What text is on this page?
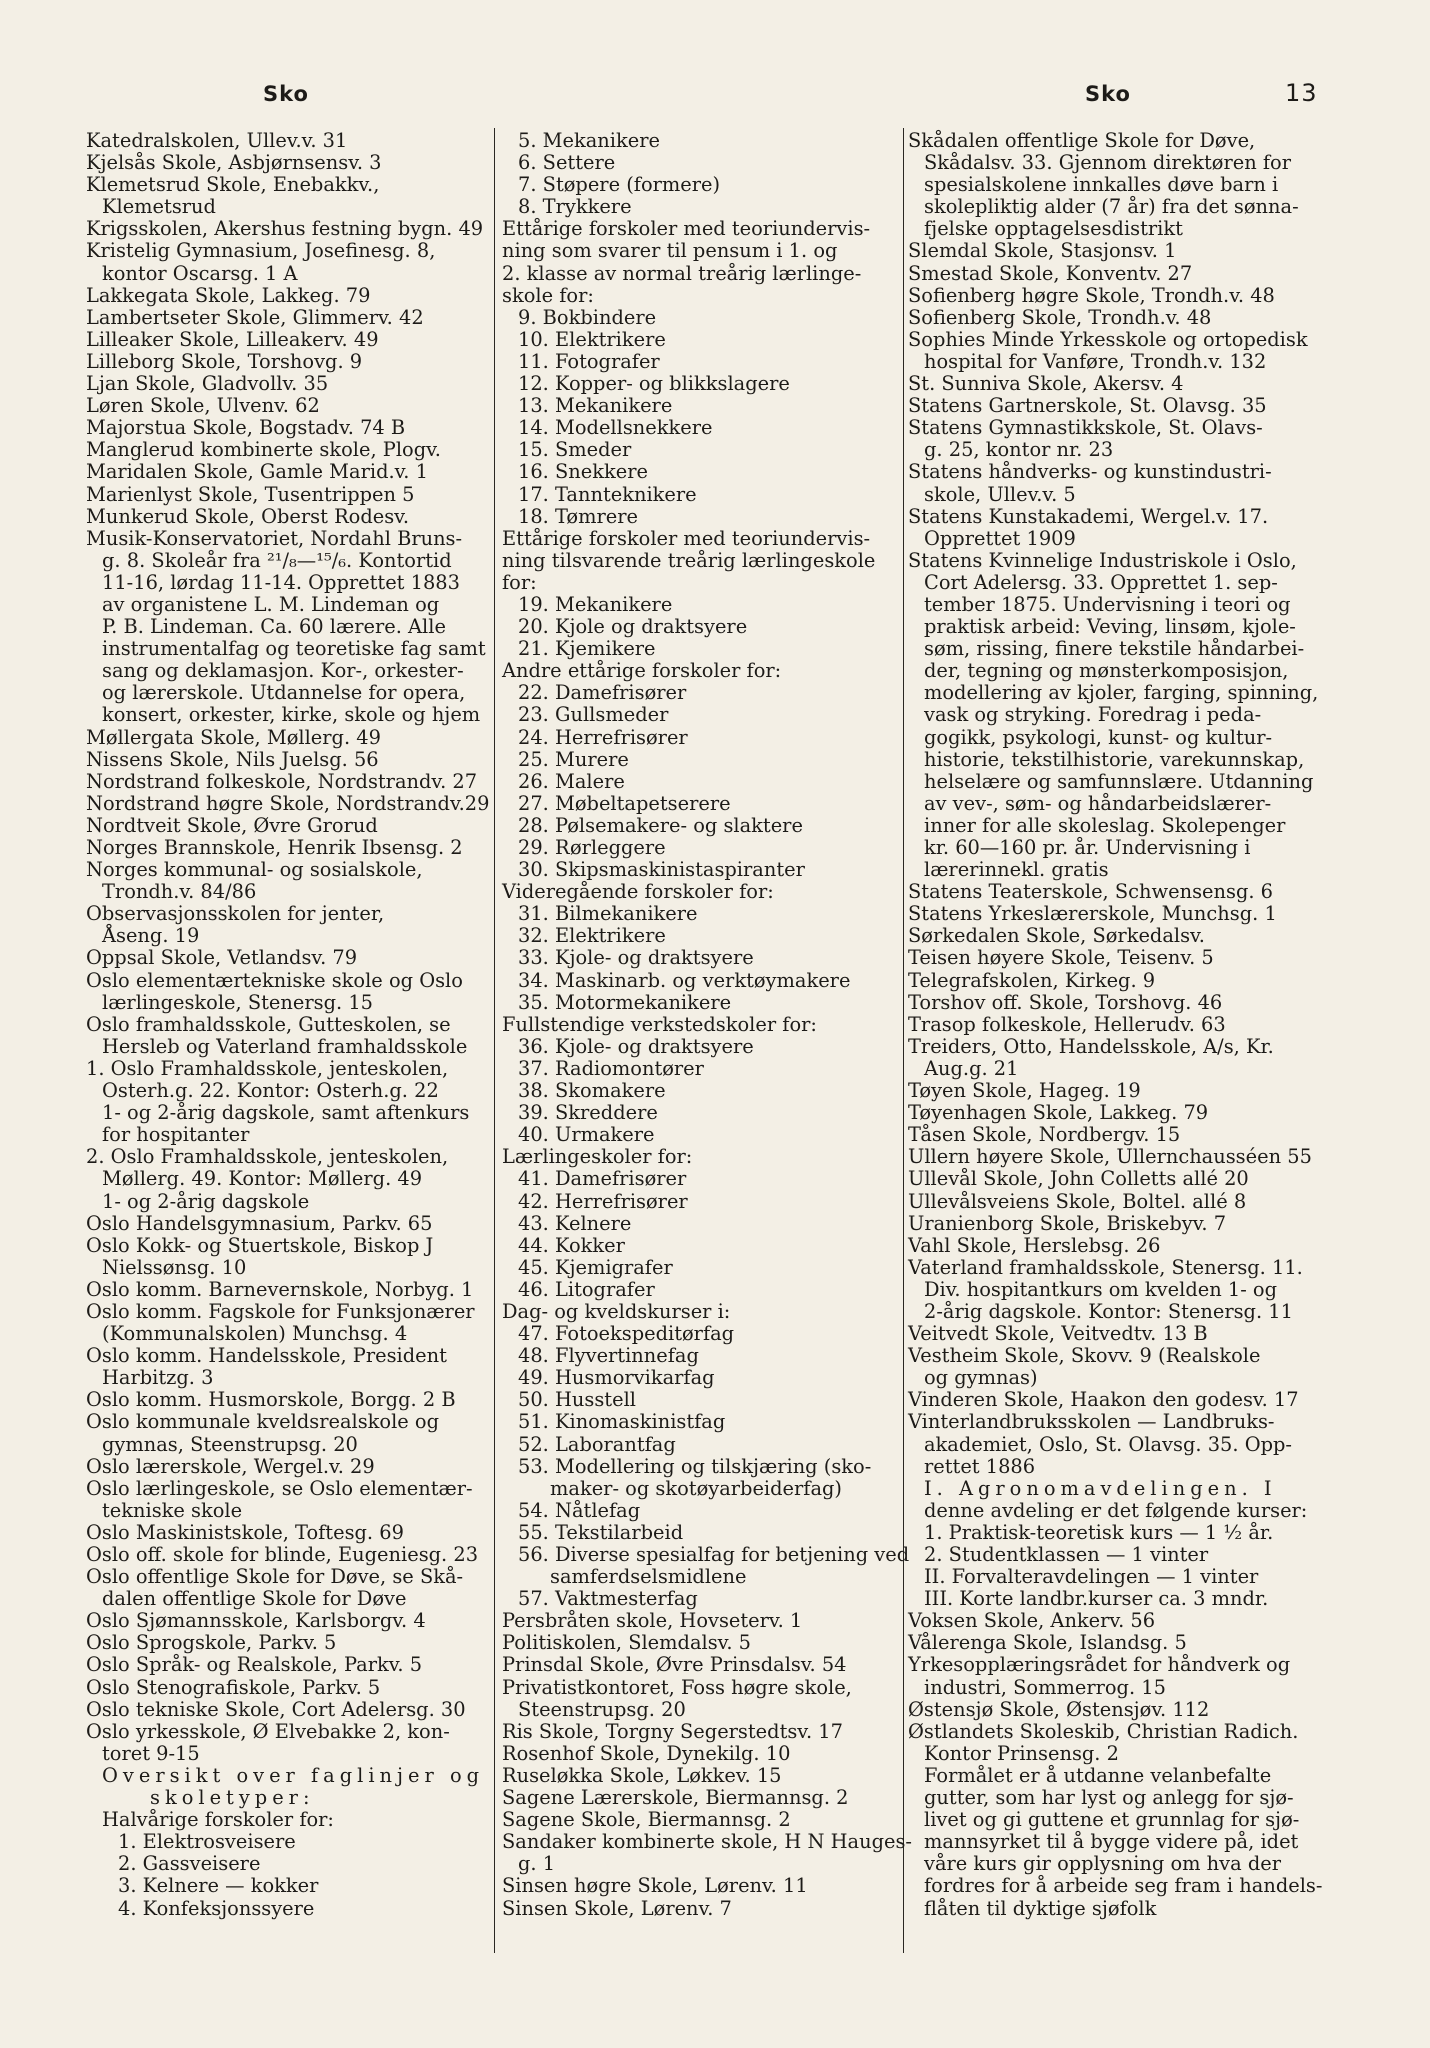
Sko	Sko	13
Katedralskolen, Ullev.v. 31
Kjelsås Skole, Asbjørnsensv. 3
Klemetsrud Skole, Enebakkv.,
Klemetsrud
Krigsskolen, Akershus festning bygn. 49
Kristelig Gymnasium, Josefinesg. 8,
kontor Oscarsg. 1 A
Lakkegata Skole, Lakkeg. 79
Lambertseter Skole, Glimmerv. 42
Lilleaker Skole, Lilleakerv. 49
Lilleborg Skole, Torshovg. 9
Ljan Skole, Gladvollv. 35
Løren Skole, Ulvenv. 62
Majorstua Skole, Bogstadv. 74 B
Manglerud kombinerte skole, Plogv.
Maridalen Skole, Gamle Marid.v. 1
Marienlyst Skole, Tusentrippen 5
Munkerud Skole, Oberst Rodesv.
Musik-Konservatoriet, Nordahl Bruns-
g. 8. Skoleår fra ²¹/₈—¹⁵/₆. Kontortid
11-16, lørdag 11-14. Opprettet 1883
av organistene L. M. Lindeman og
P. B. Lindeman. Ca. 60 lærere. Alle
instrumentalfag og teoretiske fag samt
sang og deklamasjon. Kor-, orkester-
og lærerskole. Utdannelse for opera,
konsert, orkester, kirke, skole og hjem
Møllergata Skole, Møllerg. 49
Nissens Skole, Nils Juelsg. 56
Nordstrand folkeskole, Nordstrandv. 27
Nordstrand høgre Skole, Nordstrandv.29
Nordtveit Skole, Øvre Grorud
Norges Brannskole, Henrik Ibsensg. 2
Norges kommunal- og sosialskole,
Trondh.v. 84/86
Observasjonsskolen for jenter,
Åseng. 19
Oppsal Skole, Vetlandsv. 79
Oslo elementærtekniske skole og Oslo
lærlingeskole, Stenersg. 15
Oslo framhaldsskole, Gutteskolen, se
Hersleb og Vaterland framhaldsskole
1. Oslo Framhaldsskole, jenteskolen,
Osterh.g. 22. Kontor: Osterh.g. 22
1- og 2-årig dagskole, samt aftenkurs
for hospitanter
2. Oslo Framhaldsskole, jenteskolen,
Møllerg. 49. Kontor: Møllerg. 49
1- og 2-årig dagskole
Oslo Handelsgymnasium, Parkv. 65
Oslo Kokk- og Stuertskole, Biskop J
Nielssønsg. 10
Oslo komm. Barnevernskole, Norbyg. 1
Oslo komm. Fagskole for Funksjonærer
(Kommunalskolen) Munchsg. 4
Oslo komm. Handelsskole, President
Harbitzg. 3
Oslo komm. Husmorskole, Borgg. 2 B
Oslo kommunale kveldsrealskole og
gymnas, Steenstrupsg. 20
Oslo lærerskole, Wergel.v. 29
Oslo lærlingeskole, se Oslo elementær-
tekniske skole
Oslo Maskinistskole, Toftesg. 69
Oslo off. skole for blinde, Eugeniesg. 23
Oslo offentlige Skole for Døve, se Skå-
dalen offentlige Skole for Døve
Oslo Sjømannsskole, Karlsborgv. 4
Oslo Sprogskole, Parkv. 5
Oslo Språk- og Realskole, Parkv. 5
Oslo Stenografiskole, Parkv. 5
Oslo tekniske Skole, Cort Adelersg. 30
Oslo yrkesskole, Ø Elvebakke 2, kon-
toret 9-15
Oversikt over faglinjer og
skoletyper:
Halvårige forskoler for:
1. Elektrosveisere
2. Gassveisere
3. Kelnere — kokker
4. Konfeksjonssyere
5. Mekanikere
6. Settere
7. Støpere (formere)
8. Trykkere
Ettårige forskoler med teoriundervis-
ning som svarer til pensum i 1. og
2. klasse av normal treårig lærlinge-
skole for:
9. Bokbindere
10. Elektrikere
11. Fotografer
12. Kopper- og blikkslagere
13. Mekanikere
14. Modellsnekkere
15. Smeder
16. Snekkere
17. Tannteknikere
18. Tømrere
Ettårige forskoler med teoriundervis-
ning tilsvarende treårig lærlingeskole
for:
19. Mekanikere
20. Kjole og draktsyere
21. Kjemikere
Andre ettårige forskoler for:
22. Damefrisører
23. Gullsmeder
24. Herrefrisører
25. Murere
26. Malere
27. Møbeltapetserere
28. Pølsemakere- og slaktere
29. Rørleggere
30. Skipsmaskinistaspiranter
Videregående forskoler for:
31. Bilmekanikere
32. Elektrikere
33. Kjole- og draktsyere
34. Maskinarb. og verktøymakere
35. Motormekanikere
Fullstendige verkstedskoler for:
36. Kjole- og draktsyere
37. Radiomontører
38. Skomakere
39. Skreddere
40. Urmakere
Lærlingeskoler for:
41. Damefrisører
42. Herrefrisører
43. Kelnere
44. Kokker
45. Kjemigrafer
46. Litografer
Dag- og kveldskurser i:
47. Fotoekspeditørfag
48. Flyvertinnefag
49. Husmorvikarfag
50. Husstell
51. Kinomaskinistfag
52. Laborantfag
53. Modellering og tilskjæring (sko-
maker- og skotøyarbeiderfag)
54. Nåtlefag
55. Tekstilarbeid
56. Diverse spesialfag for betjening ved
samferdselsmidlene
57. Vaktmesterfag
Persbråten skole, Hovseterv. 1
Politiskolen, Slemdalsv. 5
Prinsdal Skole, Øvre Prinsdalsv. 54
Privatistkontoret, Foss høgre skole,
Steenstrupsg. 20
Ris Skole, Torgny Segerstedtsv. 17
Rosenhof Skole, Dynekilg. 10
Ruseløkka Skole, Løkkev. 15
Sagene Lærerskole, Biermannsg. 2
Sagene Skole, Biermannsg. 2
Sandaker kombinerte skole, H N Hauges-
g. 1
Sinsen høgre Skole, Lørenv. 11
Sinsen Skole, Lørenv. 7
Skådalen offentlige Skole for Døve,
Skådalsv. 33. Gjennom direktøren for
spesialskolene innkalles døve barn i
skolepliktig alder (7 år) fra det sønna-
fjelske opptagelsesdistrikt
Slemdal Skole, Stasjonsv. 1
Smestad Skole, Konventv. 27
Sofienberg høgre Skole, Trondh.v. 48
Sofienberg Skole, Trondh.v. 48
Sophies Minde Yrkesskole og ortopedisk
hospital for Vanføre, Trondh.v. 132
St. Sunniva Skole, Akersv. 4
Statens Gartnerskole, St. Olavsg. 35
Statens Gymnastikkskole, St. Olavs-
g. 25, kontor nr. 23
Statens håndverks- og kunstindustri-
skole, Ullev.v. 5
Statens Kunstakademi, Wergel.v. 17.
Opprettet 1909
Statens Kvinnelige Industriskole i Oslo,
Cort Adelersg. 33. Opprettet 1. sep-
tember 1875. Undervisning i teori og
praktisk arbeid: Veving, linsøm, kjole-
søm, rissing, finere tekstile håndarbei-
der, tegning og mønsterkomposisjon,
modellering av kjoler, farging, spinning,
vask og stryking. Foredrag i peda-
gogikk, psykologi, kunst- og kultur-
historie, tekstilhistorie, varekunnskap,
helselære og samfunnslære. Utdanning
av vev-, søm- og håndarbeidslærer-
inner for alle skoleslag. Skolepenger
kr. 60—160 pr. år. Undervisning i
lærerinnekl. gratis
Statens Teaterskole, Schwensensg. 6
Statens Yrkeslærerskole, Munchsg. 1
Sørkedalen Skole, Sørkedalsv.
Teisen høyere Skole, Teisenv. 5
Telegrafskolen, Kirkeg. 9
Torshov off. Skole, Torshovg. 46
Trasop folkeskole, Hellerudv. 63
Treiders, Otto, Handelsskole, A/s, Kr.
Aug.g. 21
Tøyen Skole, Hageg. 19
Tøyenhagen Skole, Lakkeg. 79
Tåsen Skole, Nordbergv. 15
Ullern høyere Skole, Ullernchausséen 55
Ullevål Skole, John Colletts allé 20
Ullevålsveiens Skole, Boltel. allé 8
Uranienborg Skole, Briskebyv. 7
Vahl Skole, Herslebsg. 26
Vaterland framhaldsskole, Stenersg. 11.
Div. hospitantkurs om kvelden 1- og
2-årig dagskole. Kontor: Stenersg. 11
Veitvedt Skole, Veitvedtv. 13 B
Vestheim Skole, Skovv. 9 (Realskole
og gymnas)
Vinderen Skole, Haakon den godesv. 17
Vinterlandbruksskolen — Landbruks-
akademiet, Oslo, St. Olavsg. 35. Opp-
rettet 1886
I. Agronomavdelingen. I
denne avdeling er det følgende kurser:
1. Praktisk-teoretisk kurs — 1 ½ år.
2. Studentklassen — 1 vinter
II. Forvalteravdelingen — 1 vinter
III. Korte landbr.kurser ca. 3 mndr.
Voksen Skole, Ankerv. 56
Vålerenga Skole, Islandsg. 5
Yrkesopplæringsrådet for håndverk og
industri, Sommerrog. 15
Østensjø Skole, Østensjøv. 112
Østlandets Skoleskib, Christian Radich.
Kontor Prinsensg. 2
Formålet er å utdanne velanbefalte
gutter, som har lyst og anlegg for sjø-
livet og gi guttene et grunnlag for sjø-
mannsyrket til å bygge videre på, idet
våre kurs gir opplysning om hva der
fordres for å arbeide seg fram i handels-
flåten til dyktige sjøfolk
